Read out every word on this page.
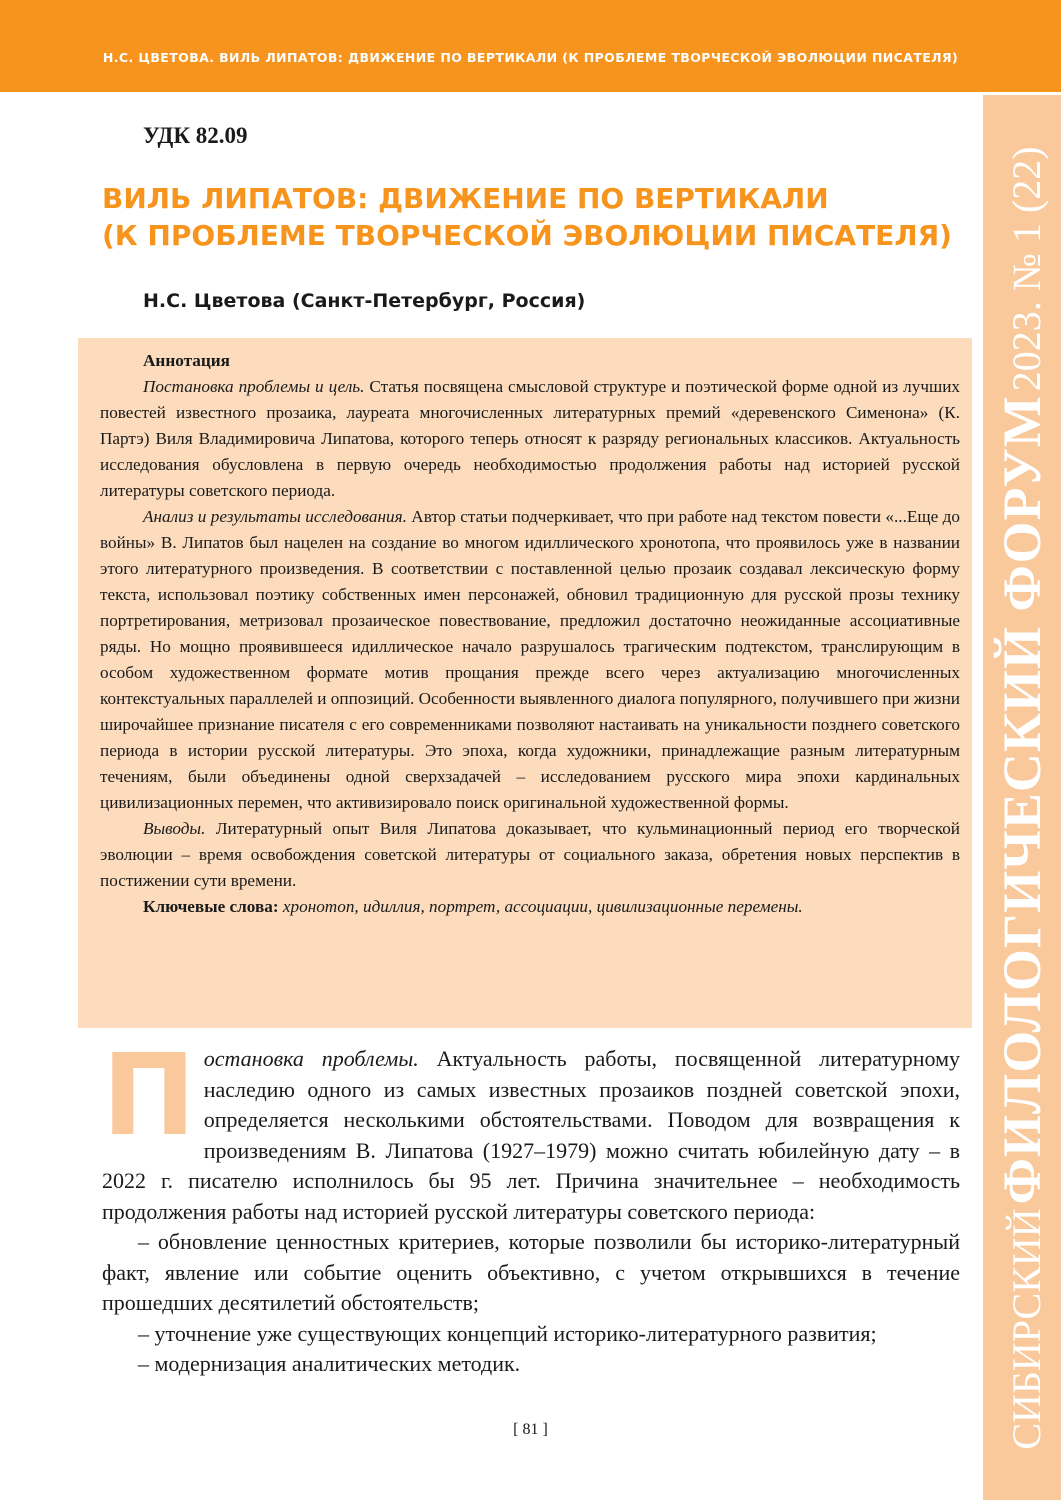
Н.С. ЦВЕТОВА. ВИЛЬ ЛИПАТОВ: ДВИЖЕНИЕ ПО ВЕРТИКАЛИ (К ПРОБЛЕМЕ ТВОРЧЕСКОЙ ЭВОЛЮЦИИ ПИСАТЕЛЯ)
СИБИРСКИЙ ФИЛОЛОГИЧЕСКИЙ ФОРУМ 2023. № 1 (22)
УДК 82.09
ВИЛЬ ЛИПАТОВ: ДВИЖЕНИЕ ПО ВЕРТИКАЛИ
(К ПРОБЛЕМЕ ТВОРЧЕСКОЙ ЭВОЛЮЦИИ ПИСАТЕЛЯ)
Н.С. Цветова (Санкт-Петербург, Россия)

Аннотация

Постановка проблемы и цель. Статья посвящена смысловой структуре и поэтической форме одной из лучших повестей известного прозаика, лауреата многочисленных литературных премий «деревенского Сименона» (К. Партэ) Виля Владимировича Липатова, которого теперь относят к разряду региональных классиков. Актуальность исследования обусловлена в первую очередь необходимостью продолжения работы над историей русской литературы советского периода.

Анализ и результаты исследования. Автор статьи подчеркивает, что при работе над текстом повести «...Еще до войны» В. Липатов был нацелен на создание во многом идиллического хронотопа, что проявилось уже в названии этого литературного произведения. В соответствии с поставленной целью прозаик создавал лексическую форму текста, использовал поэтику собственных имен персонажей, обновил традиционную для русской прозы технику портретирования, метризовал прозаическое повествование, предложил достаточно неожиданные ассоциативные ряды. Но мощно проявившееся идиллическое начало разрушалось трагическим подтекстом, транслирующим в особом художественном формате мотив прощания прежде всего через актуализацию многочисленных контекстуальных параллелей и оппозиций. Особенности выявленного диалога популярного, получившего при жизни широчайшее признание писателя с его современниками позволяют настаивать на уникальности позднего советского периода в истории русской литературы. Это эпоха, когда художники, принадлежащие разным литературным течениям, были объединены одной сверхзадачей – исследованием русского мира эпохи кардинальных цивилизационных перемен, что активизировало поиск оригинальной художественной формы.

Выводы. Литературный опыт Виля Липатова доказывает, что кульминационный период его творческой эволюции – время освобождения советской литературы от социального заказа, обретения новых перспектив в постижении сути времени.

Ключевые слова: хронотоп, идиллия, портрет, ассоциации, цивилизационные перемены.

Постановка проблемы. Актуальность работы, посвященной литературному наследию одного из самых известных прозаиков поздней советской эпохи, определяется несколькими обстоятельствами. Поводом для возвращения к произведениям В. Липатова (1927–1979) можно считать юбилейную дату – в 2022 г. писателю исполнилось бы 95 лет. Причина значительнее – необходимость продолжения работы над историей русской литературы советского периода:

– обновление ценностных критериев, которые позволили бы историко-литературный факт, явление или событие оценить объективно, с учетом открывшихся в течение прошедших десятилетий обстоятельств;

– уточнение уже существующих концепций историко-литературного развития;

– модернизация аналитических методик.

[ 81 ]
